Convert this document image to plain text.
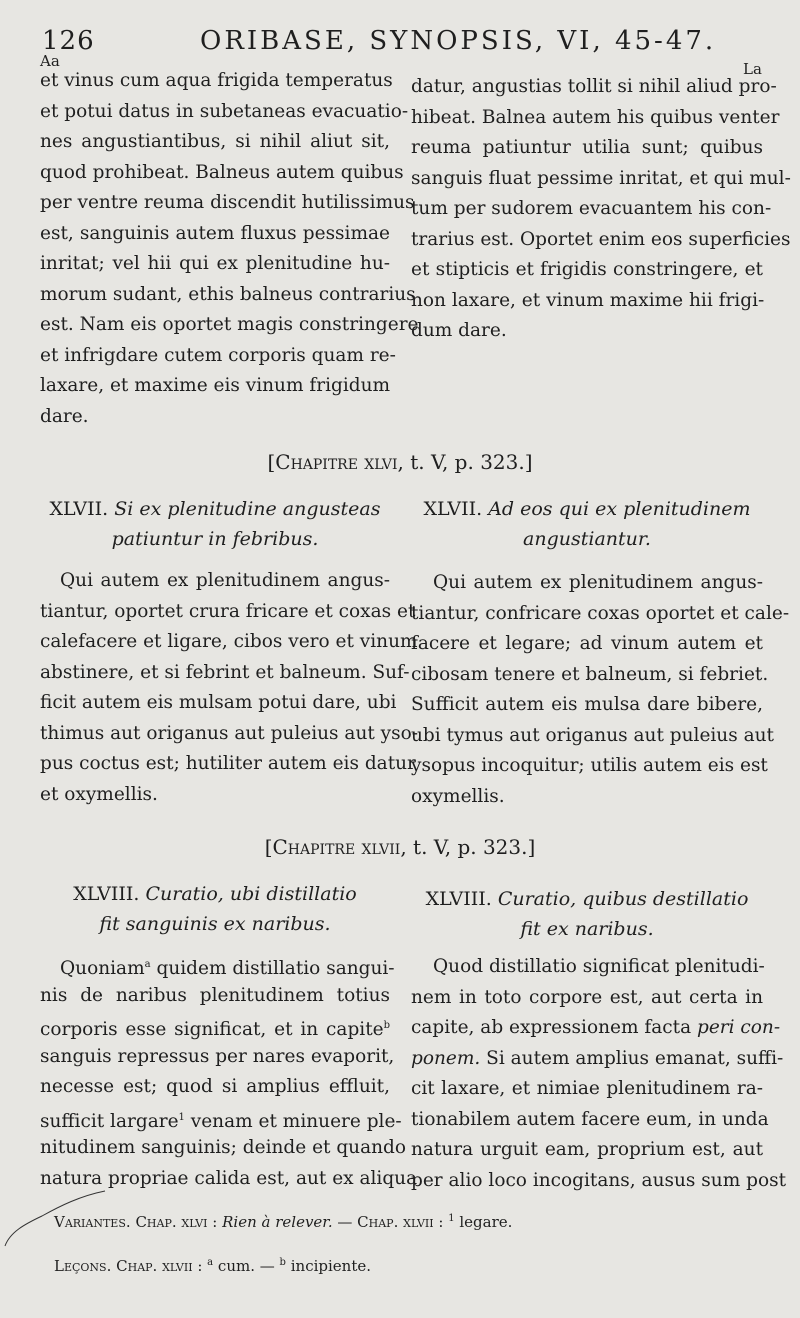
126	ORIBASE, SYNOPSIS, VI, 45-47.
Aa	La
et vinus cum aqua frigida temperatus
et potui datus in subetaneas evacuatio-
nes angustiantibus, si nihil aliut sit,
quod prohibeat. Balneus autem quibus
per ventre reuma discendit hutilissimus
est, sanguinis autem fluxus pessimae
inritat; vel hii qui ex plenitudine hu-
morum sudant, ethis balneus contrarius
est. Nam eis oportet magis constringere
et infrigdare cutem corporis quam re-
laxare, et maxime eis vinum frigidum
dare.
datur, angustias tollit si nihil aliud pro-
hibeat. Balnea autem his quibus venter
reuma patiuntur utilia sunt; quibus
sanguis fluat pessime inritat, et qui mul-
tum per sudorem evacuantem his con-
trarius est. Oportet enim eos superficies
et stipticis et frigidis constringere, et
non laxare, et vinum maxime hii frigi-
dum dare.
[Chapitre xlvi, t. V, p. 323.]
XLVII. Si ex plenitudine angusteas
patiuntur in febribus.
XLVII. Ad eos qui ex plenitudinem
angustiantur.
Qui autem ex plenitudinem angus-
tiantur, oportet crura fricare et coxas et
calefacere et ligare, cibos vero et vinum
abstinere, et si febrint et balneum. Suf-
ficit autem eis mulsam potui dare, ubi
thimus aut origanus aut puleius aut yso-
pus coctus est; hutiliter autem eis datur
et oxymellis.
Qui autem ex plenitudinem angus-
tiantur, confricare coxas oportet et cale-
facere et legare; ad vinum autem et
cibosam tenere et balneum, si febriet.
Sufficit autem eis mulsa dare bibere,
ubi tymus aut origanus aut puleius aut
ysopus incoquitur; utilis autem eis est
oxymellis.
[Chapitre xlvii, t. V, p. 323.]
XLVIII. Curatio, ubi distillatio
fit sanguinis ex naribus.
XLVIII. Curatio, quibus destillatio
fit ex naribus.
Quoniam$^a$ quidem distillatio sangui-
nis de naribus plenitudinem totius
corporis esse significat, et in capite$^b$
sanguis repressus per nares evaporit,
necesse est; quod si amplius effluit,
sufficit largare$^1$ venam et minuere ple-
nitudinem sanguinis; deinde et quando
natura propriae calida est, aut ex aliqua
Quod distillatio significat plenitudi-
nem in toto corpore est, aut certa in
capite, ab expressionem facta peri con-
ponem. Si autem amplius emanat, suffi-
cit laxare, et nimiae plenitudinem ra-
tionabilem autem facere eum, in unda
natura urguit eam, proprium est, aut
per alio loco incogitans, ausus sum post
Variantes. Chap. xlvi : Rien à relever. — Chap. xlvii : $^1$ legare.
Leçons. Chap. xlvii : $^a$ cum. — $^b$ incipiente.
